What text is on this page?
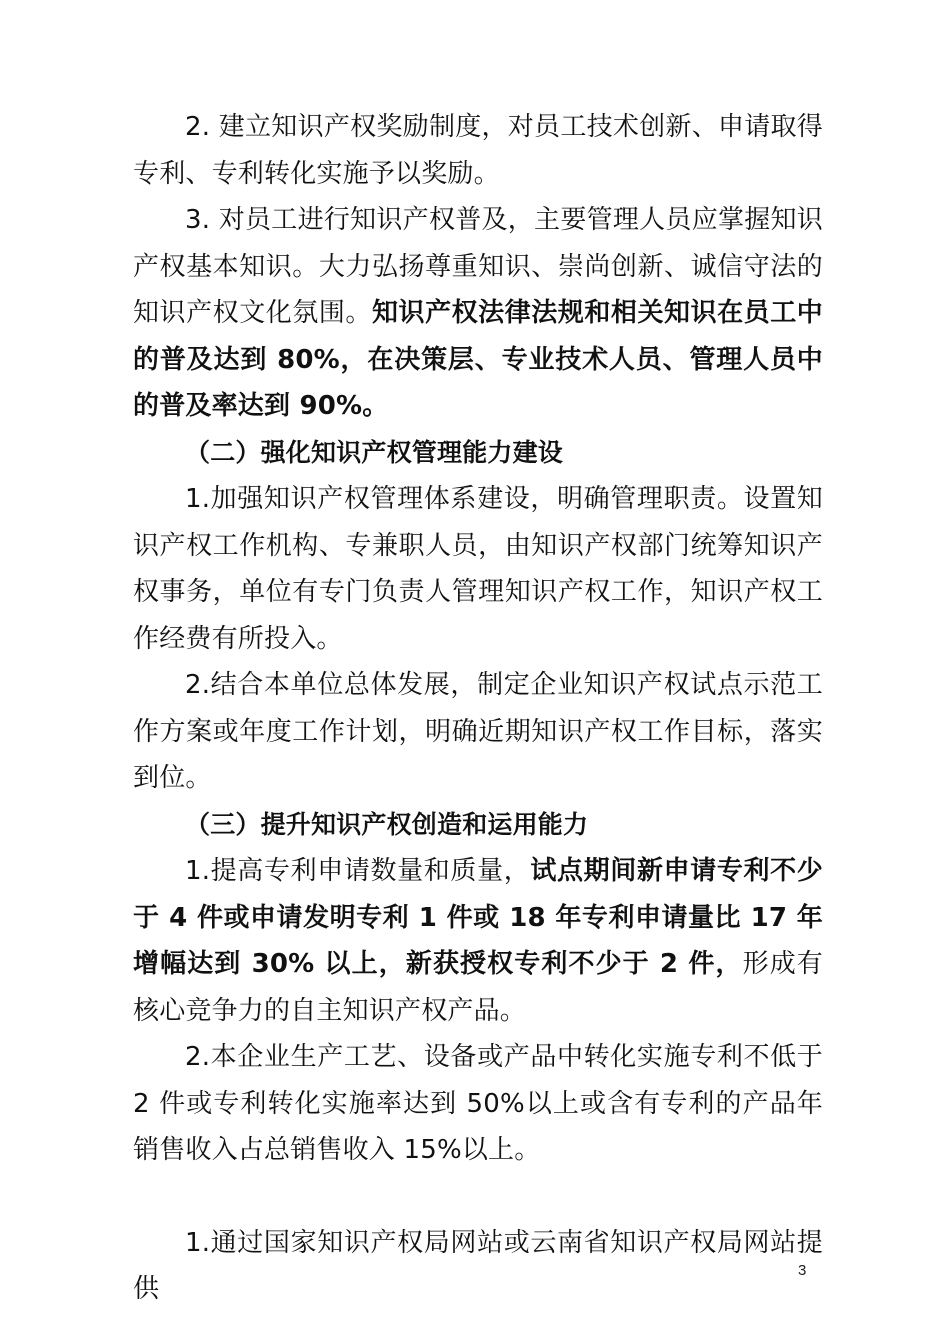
2. 建立知识产权奖励制度，对员工技术创新、申请取得专利、专利转化实施予以奖励。

3. 对员工进行知识产权普及，主要管理人员应掌握知识产权基本知识。大力弘扬尊重知识、崇尚创新、诚信守法的知识产权文化氛围。知识产权法律法规和相关知识在员工中的普及达到 80%，在决策层、专业技术人员、管理人员中的普及率达到 90%。

（二）强化知识产权管理能力建设

1.加强知识产权管理体系建设，明确管理职责。设置知识产权工作机构、专兼职人员，由知识产权部门统筹知识产权事务，单位有专门负责人管理知识产权工作，知识产权工作经费有所投入。

2.结合本单位总体发展，制定企业知识产权试点示范工作方案或年度工作计划，明确近期知识产权工作目标，落实到位。

（三）提升知识产权创造和运用能力

1.提高专利申请数量和质量，试点期间新申请专利不少于 4 件或申请发明专利 1 件或 18 年专利申请量比 17 年增幅达到 30% 以上，新获授权专利不少于 2 件，形成有核心竞争力的自主知识产权产品。

2.本企业生产工艺、设备或产品中转化实施专利不低于 2 件或专利转化实施率达到 50%以上或含有专利的产品年销售收入占总销售收入 15%以上。

1.通过国家知识产权局网站或云南省知识产权局网站提供

3
